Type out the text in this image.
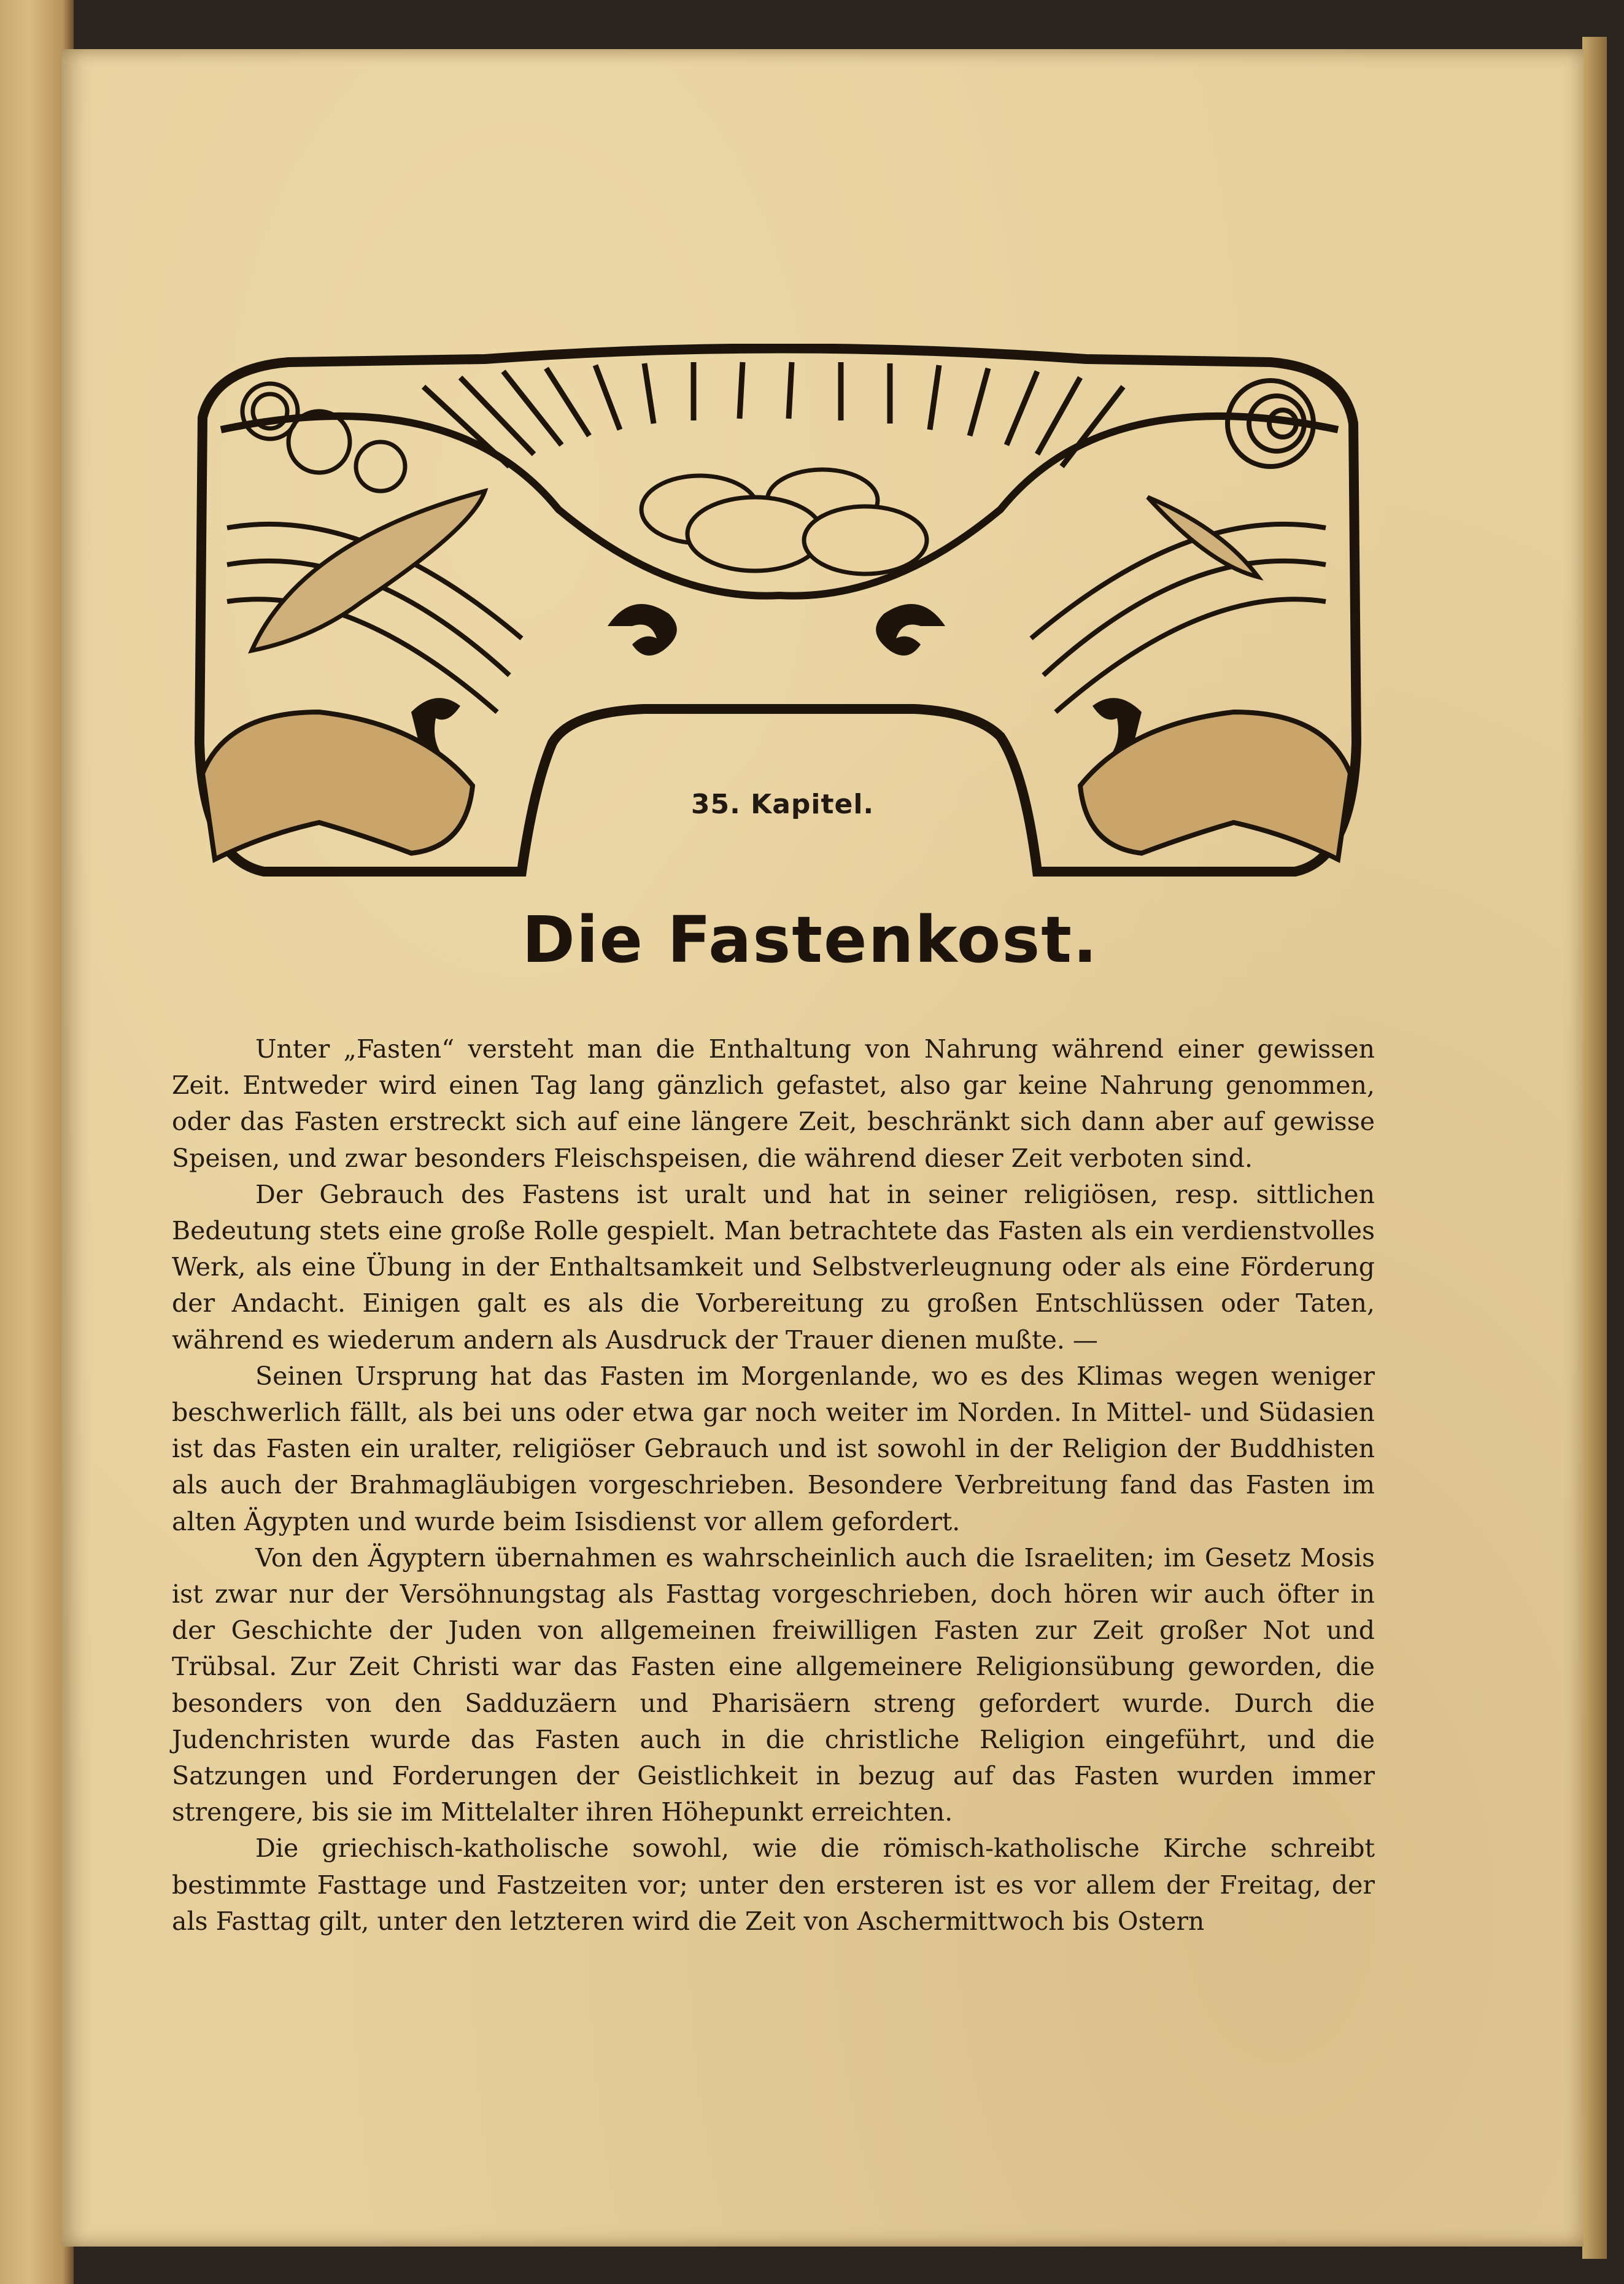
35. Kapitel.
Die Fastenkost.

Unter „Fasten“ versteht man die Enthaltung von Nahrung während einer gewissen Zeit. Entweder wird einen Tag lang gänzlich gefastet, also gar keine Nahrung genommen, oder das Fasten erstreckt sich auf eine längere Zeit, beschränkt sich dann aber auf gewisse Speisen, und zwar besonders Fleischspeisen, die während dieser Zeit verboten sind.

Der Gebrauch des Fastens ist uralt und hat in seiner religiösen, resp. sittlichen Bedeutung stets eine große Rolle gespielt. Man betrachtete das Fasten als ein verdienstvolles Werk, als eine Übung in der Enthaltsamkeit und Selbstverleugnung oder als eine Förderung der Andacht. Einigen galt es als die Vorbereitung zu großen Entschlüssen oder Taten, während es wiederum andern als Ausdruck der Trauer dienen mußte. —

Seinen Ursprung hat das Fasten im Morgenlande, wo es des Klimas wegen weniger beschwerlich fällt, als bei uns oder etwa gar noch weiter im Norden. In Mittel- und Südasien ist das Fasten ein uralter, religiöser Gebrauch und ist sowohl in der Religion der Buddhisten als auch der Brahmagläubigen vorgeschrieben. Besondere Verbreitung fand das Fasten im alten Ägypten und wurde beim Isisdienst vor allem gefordert.

Von den Ägyptern übernahmen es wahrscheinlich auch die Israeliten; im Gesetz Mosis ist zwar nur der Versöhnungstag als Fasttag vorgeschrieben, doch hören wir auch öfter in der Geschichte der Juden von allgemeinen freiwilligen Fasten zur Zeit großer Not und Trübsal. Zur Zeit Christi war das Fasten eine allgemeinere Religionsübung geworden, die besonders von den Sadduzäern und Pharisäern streng gefordert wurde. Durch die Judenchristen wurde das Fasten auch in die christliche Religion eingeführt, und die Satzungen und Forderungen der Geistlichkeit in bezug auf das Fasten wurden immer strengere, bis sie im Mittelalter ihren Höhepunkt erreichten.

Die griechisch-katholische sowohl, wie die römisch-katholische Kirche schreibt bestimmte Fasttage und Fastzeiten vor; unter den ersteren ist es vor allem der Freitag, der als Fasttag gilt, unter den letzteren wird die Zeit von Aschermittwoch bis Ostern
